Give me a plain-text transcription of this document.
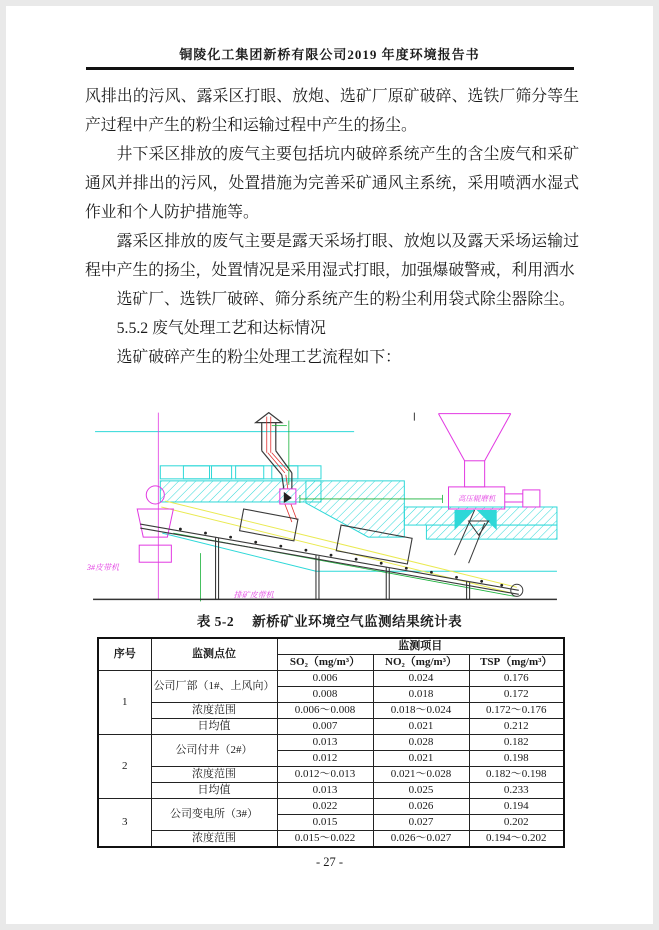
铜陵化工集团新桥有限公司2019 年度环境报告书

风排出的污风、露采区打眼、放炮、选矿厂原矿破碎、选铁厂筛分等生产过程中产生的粉尘和运输过程中产生的扬尘。

井下采区排放的废气主要包括坑内破碎系统产生的含尘废气和采矿通风并排出的污风，处置措施为完善采矿通风主系统，采用喷洒水湿式作业和个人防护措施等。

露采区排放的废气主要是露天采场打眼、放炮以及露天采场运输过程中产生的扬尘，处置情况是采用湿式打眼，加强爆破警戒，利用洒水

选矿厂、选铁厂破碎、筛分系统产生的粉尘利用袋式除尘器除尘。

5.5.2 废气处理工艺和达标情况

选矿破碎产生的粉尘处理工艺流程如下：

高压辊磨机
3#皮带机
排矿皮带机
表 5-2 新桥矿业环境空气监测结果统计表
序号	监测点位	监测项目		
		SO₂（mg/m³）	NO₂（mg/m³）	TSP（mg/m³）
1	公司厂部（1#、上风向）	0.006	0.024	0.176
		0.008	0.018	0.172
	浓度范围	0.006～0.008	0.018～0.024	0.172～0.176
	日均值	0.007	0.021	0.212
2	公司付井（2#）	0.013	0.028	0.182
		0.012	0.021	0.198
	浓度范围	0.012～0.013	0.021～0.028	0.182～0.198
	日均值	0.013	0.025	0.233
3	公司变电所（3#）	0.022	0.026	0.194
		0.015	0.027	0.202
	浓度范围	0.015～0.022	0.026～0.027	0.194～0.202
- 27 -
